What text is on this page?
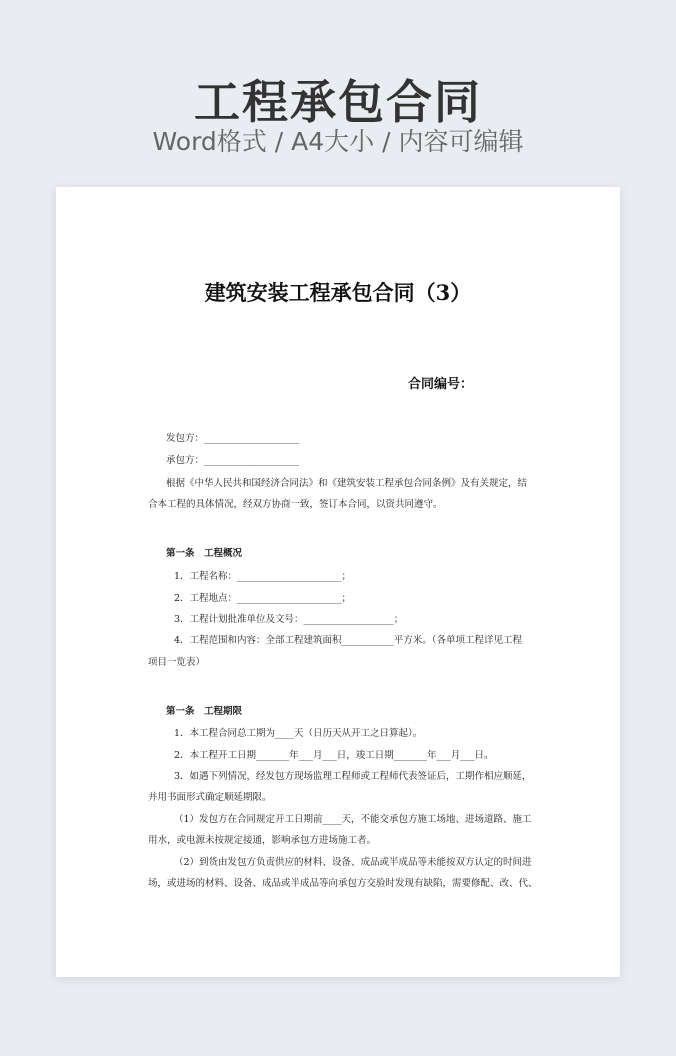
工程承包合同
Word格式 / A4大小 / 内容可编辑
建筑安装工程承包合同（3）
合同编号：
发包方：____________________
承包方：____________________
根据《中华人民共和国经济合同法》和《建筑安装工程承包合同条例》及有关规定，结
合本工程的具体情况，经双方协商一致，签订本合同，以资共同遵守。
第一条　工程概况
1．工程名称：______________________；
2．工程地点：______________________；
3．工程计划批准单位及文号：___________________；
4．工程范围和内容：全部工程建筑面积___________平方米。（各单项工程详见工程
项目一览表）
第一条　工程期限
1．本工程合同总工期为____天（日历天从开工之日算起）。
2．本工程开工日期_______年___月___日，竣工日期_______年___月___日。
3．如遇下列情况，经发包方现场监理工程师或工程师代表签证后，工期作相应顺延，
并用书面形式确定顺延期限。
（1）发包方在合同规定开工日期前____天，不能交承包方施工场地、进场道路、施工
用水，或电源未按规定接通，影响承包方进场施工者。
（2）到货由发包方负责供应的材料、设备、成品或半成品等未能按双方认定的时间进
场，或进场的材料、设备、成品或半成品等向承包方交验时发现有缺陷，需要修配、改、代、
